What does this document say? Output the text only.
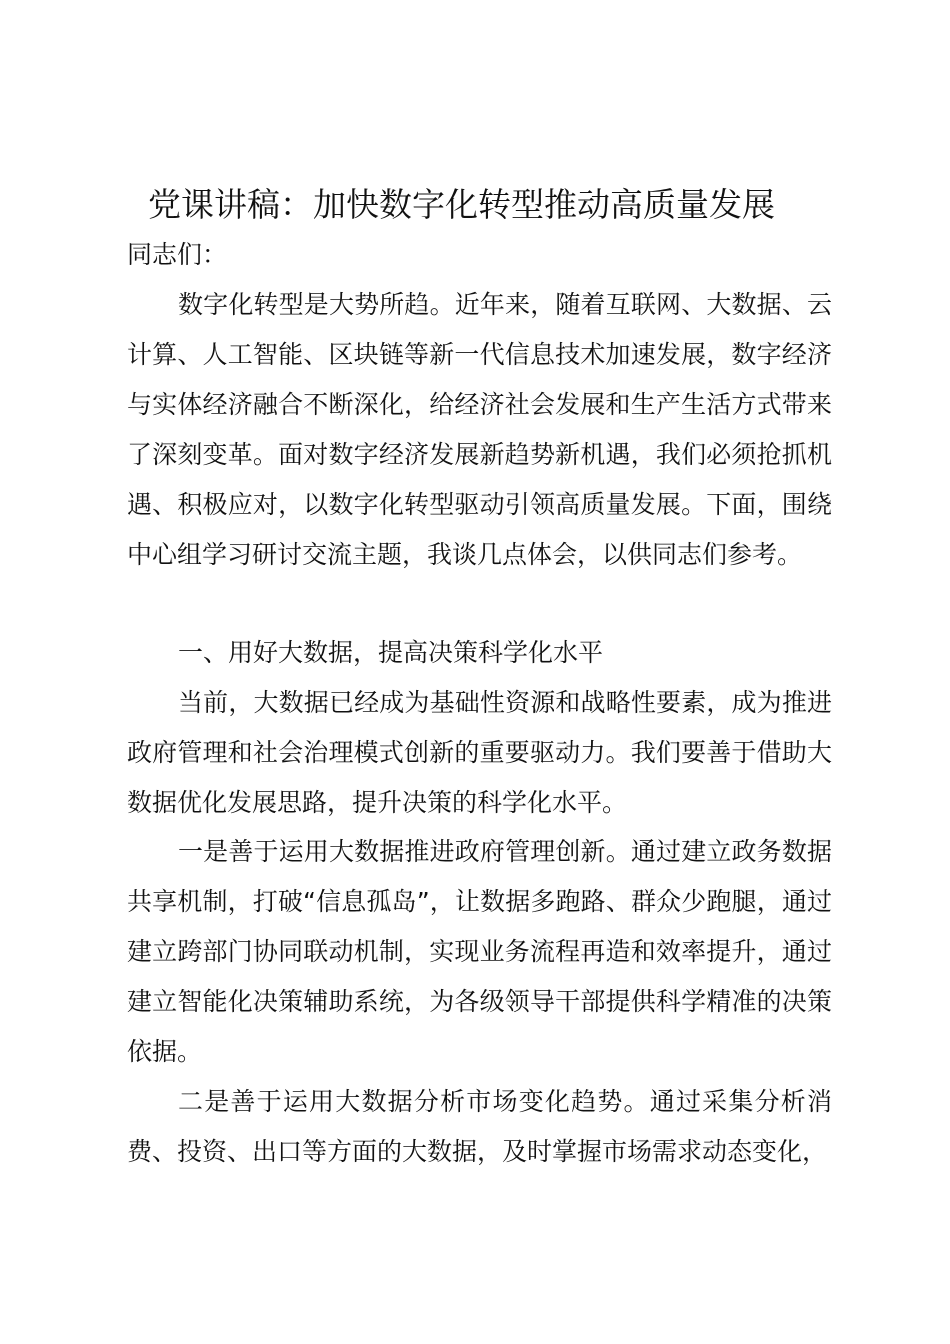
党课讲稿：加快数字化转型推动高质量发展

同志们：

数字化转型是大势所趋。近年来，随着互联网、大数据、云计算、人工智能、区块链等新一代信息技术加速发展，数字经济与实体经济融合不断深化，给经济社会发展和生产生活方式带来了深刻变革。面对数字经济发展新趋势新机遇，我们必须抢抓机遇、积极应对，以数字化转型驱动引领高质量发展。下面，围绕中心组学习研讨交流主题，我谈几点体会，以供同志们参考。

一、用好大数据，提高决策科学化水平

当前，大数据已经成为基础性资源和战略性要素，成为推进政府管理和社会治理模式创新的重要驱动力。我们要善于借助大数据优化发展思路，提升决策的科学化水平。

一是善于运用大数据推进政府管理创新。通过建立政务数据共享机制，打破“信息孤岛”，让数据多跑路、群众少跑腿，通过建立跨部门协同联动机制，实现业务流程再造和效率提升，通过建立智能化决策辅助系统，为各级领导干部提供科学精准的决策依据。

二是善于运用大数据分析市场变化趋势。通过采集分析消费、投资、出口等方面的大数据，及时掌握市场需求动态变化，
